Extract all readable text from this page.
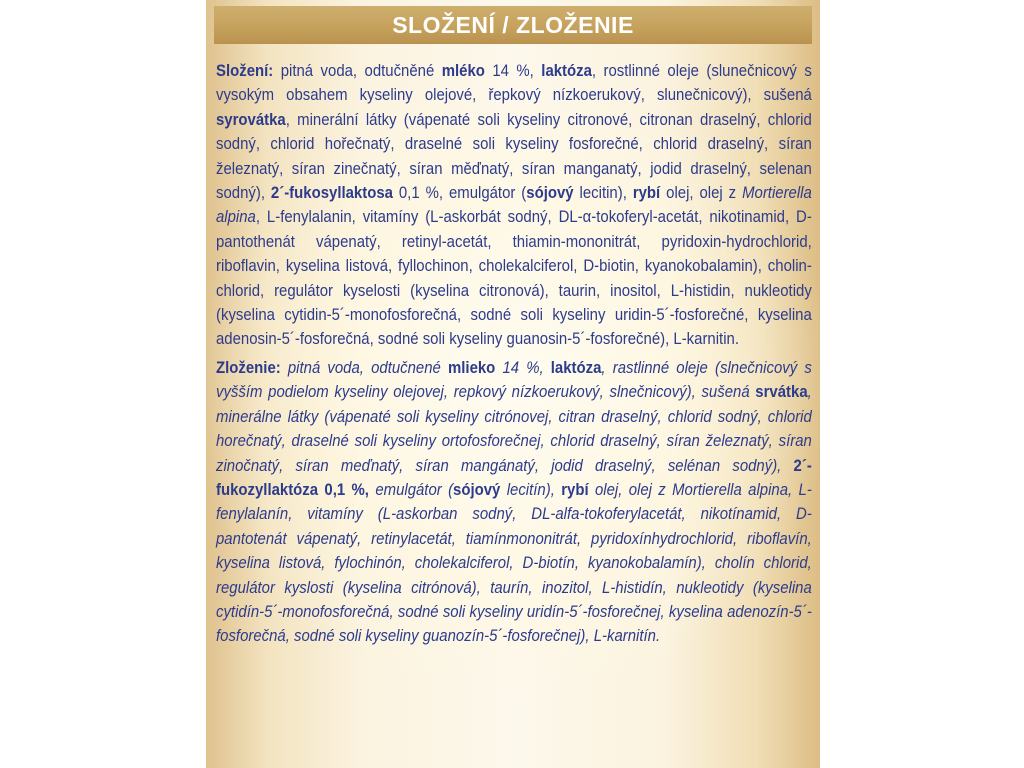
SLOŽENÍ / ZLOŽENIE

Složení: pitná voda, odtučněné mléko 14 %, laktóza, rostlinné oleje (slunečnicový s vysokým obsahem kyseliny olejové, řepkový nízkoerukový, slunečnicový), sušená syrovátka, minerální látky (vápenaté soli kyseliny citronové, citronan draselný, chlorid sodný, chlorid hořečnatý, draselné soli kyseliny fosforečné, chlorid draselný, síran železnatý, síran zinečnatý, síran měďnatý, síran manganatý, jodid draselný, selenan sodný), 2´-fukosyllaktosa 0,1 %, emulgátor (sójový lecitin), rybí olej, olej z Mortierella alpina, L-fenylalanin, vitamíny (L-askorbát sodný, DL-α-tokoferyl-acetát, nikotinamid, D-pantothenát vápenatý, retinyl-acetát, thiamin-mononitrát, pyridoxin-hydrochlorid, riboflavin, kyselina listová, fyllochinon, cholekalciferol, D-biotin, kyanokobalamin), cholin-chlorid, regulátor kyselosti (kyselina citronová), taurin, inositol, L-histidin, nukleotidy (kyselina cytidin-5´-monofosforečná, sodné soli kyseliny uridin-5´-fosforečné, kyselina adenosin-5´-fosforečná, sodné soli kyseliny guanosin-5´-fosforečné), L-karnitin.

Zloženie: pitná voda, odtučnené mlieko 14 %, laktóza, rastlinné oleje (slnečnicový s vyšším podielom kyseliny olejovej, repkový nízkoerukový, slnečnicový), sušená srvátka, minerálne látky (vápenaté soli kyseliny citrónovej, citran draselný, chlorid sodný, chlorid horečnatý, draselné soli kyseliny ortofosforečnej, chlorid draselný, síran železnatý, síran zinočnatý, síran meďnatý, síran mangánatý, jodid draselný, selénan sodný), 2´-fukozyllaktóza 0,1 %, emulgátor (sójový lecitín), rybí olej, olej z Mortierella alpina, L-fenylalanín, vitamíny (L-askorban sodný, DL-alfa-tokoferylacetát, nikotínamid, D-pantotenát vápenatý, retinylacetát, tiamínmononitrát, pyridoxínhydrochlorid, riboflavín, kyselina listová, fylochinón, cholekalciferol, D-biotín, kyanokobalamín), cholín chlorid, regulátor kyslosti (kyselina citrónová), taurín, inozitol, L-histidín, nukleotidy (kyselina cytidín-5´-monofosforečná, sodné soli kyseliny uridín-5´-fosforečnej, kyselina adenozín-5´-fosforečná, sodné soli kyseliny guanozín-5´-fosforečnej), L-karnitín.
